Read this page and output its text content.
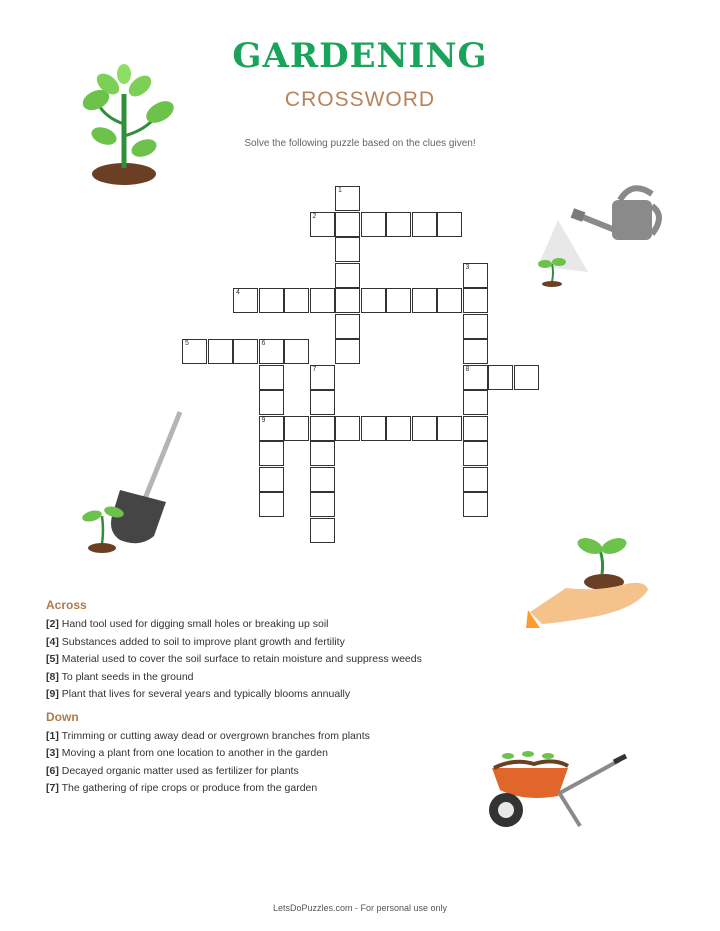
GARDENING
CROSSWORD
Solve the following puzzle based on the clues given!
1
2
3
8
4
5	6
9
7
Across
[2] Hand tool used for digging small holes or breaking up soil
[4] Substances added to soil to improve plant growth and fertility
[5] Material used to cover the soil surface to retain moisture and suppress weeds
[8] To plant seeds in the ground
[9] Plant that lives for several years and typically blooms annually
Down
[1] Trimming or cutting away dead or overgrown branches from plants
[3] Moving a plant from one location to another in the garden
[6] Decayed organic matter used as fertilizer for plants
[7] The gathering of ripe crops or produce from the garden
LetsDoPuzzles.com - For personal use only
